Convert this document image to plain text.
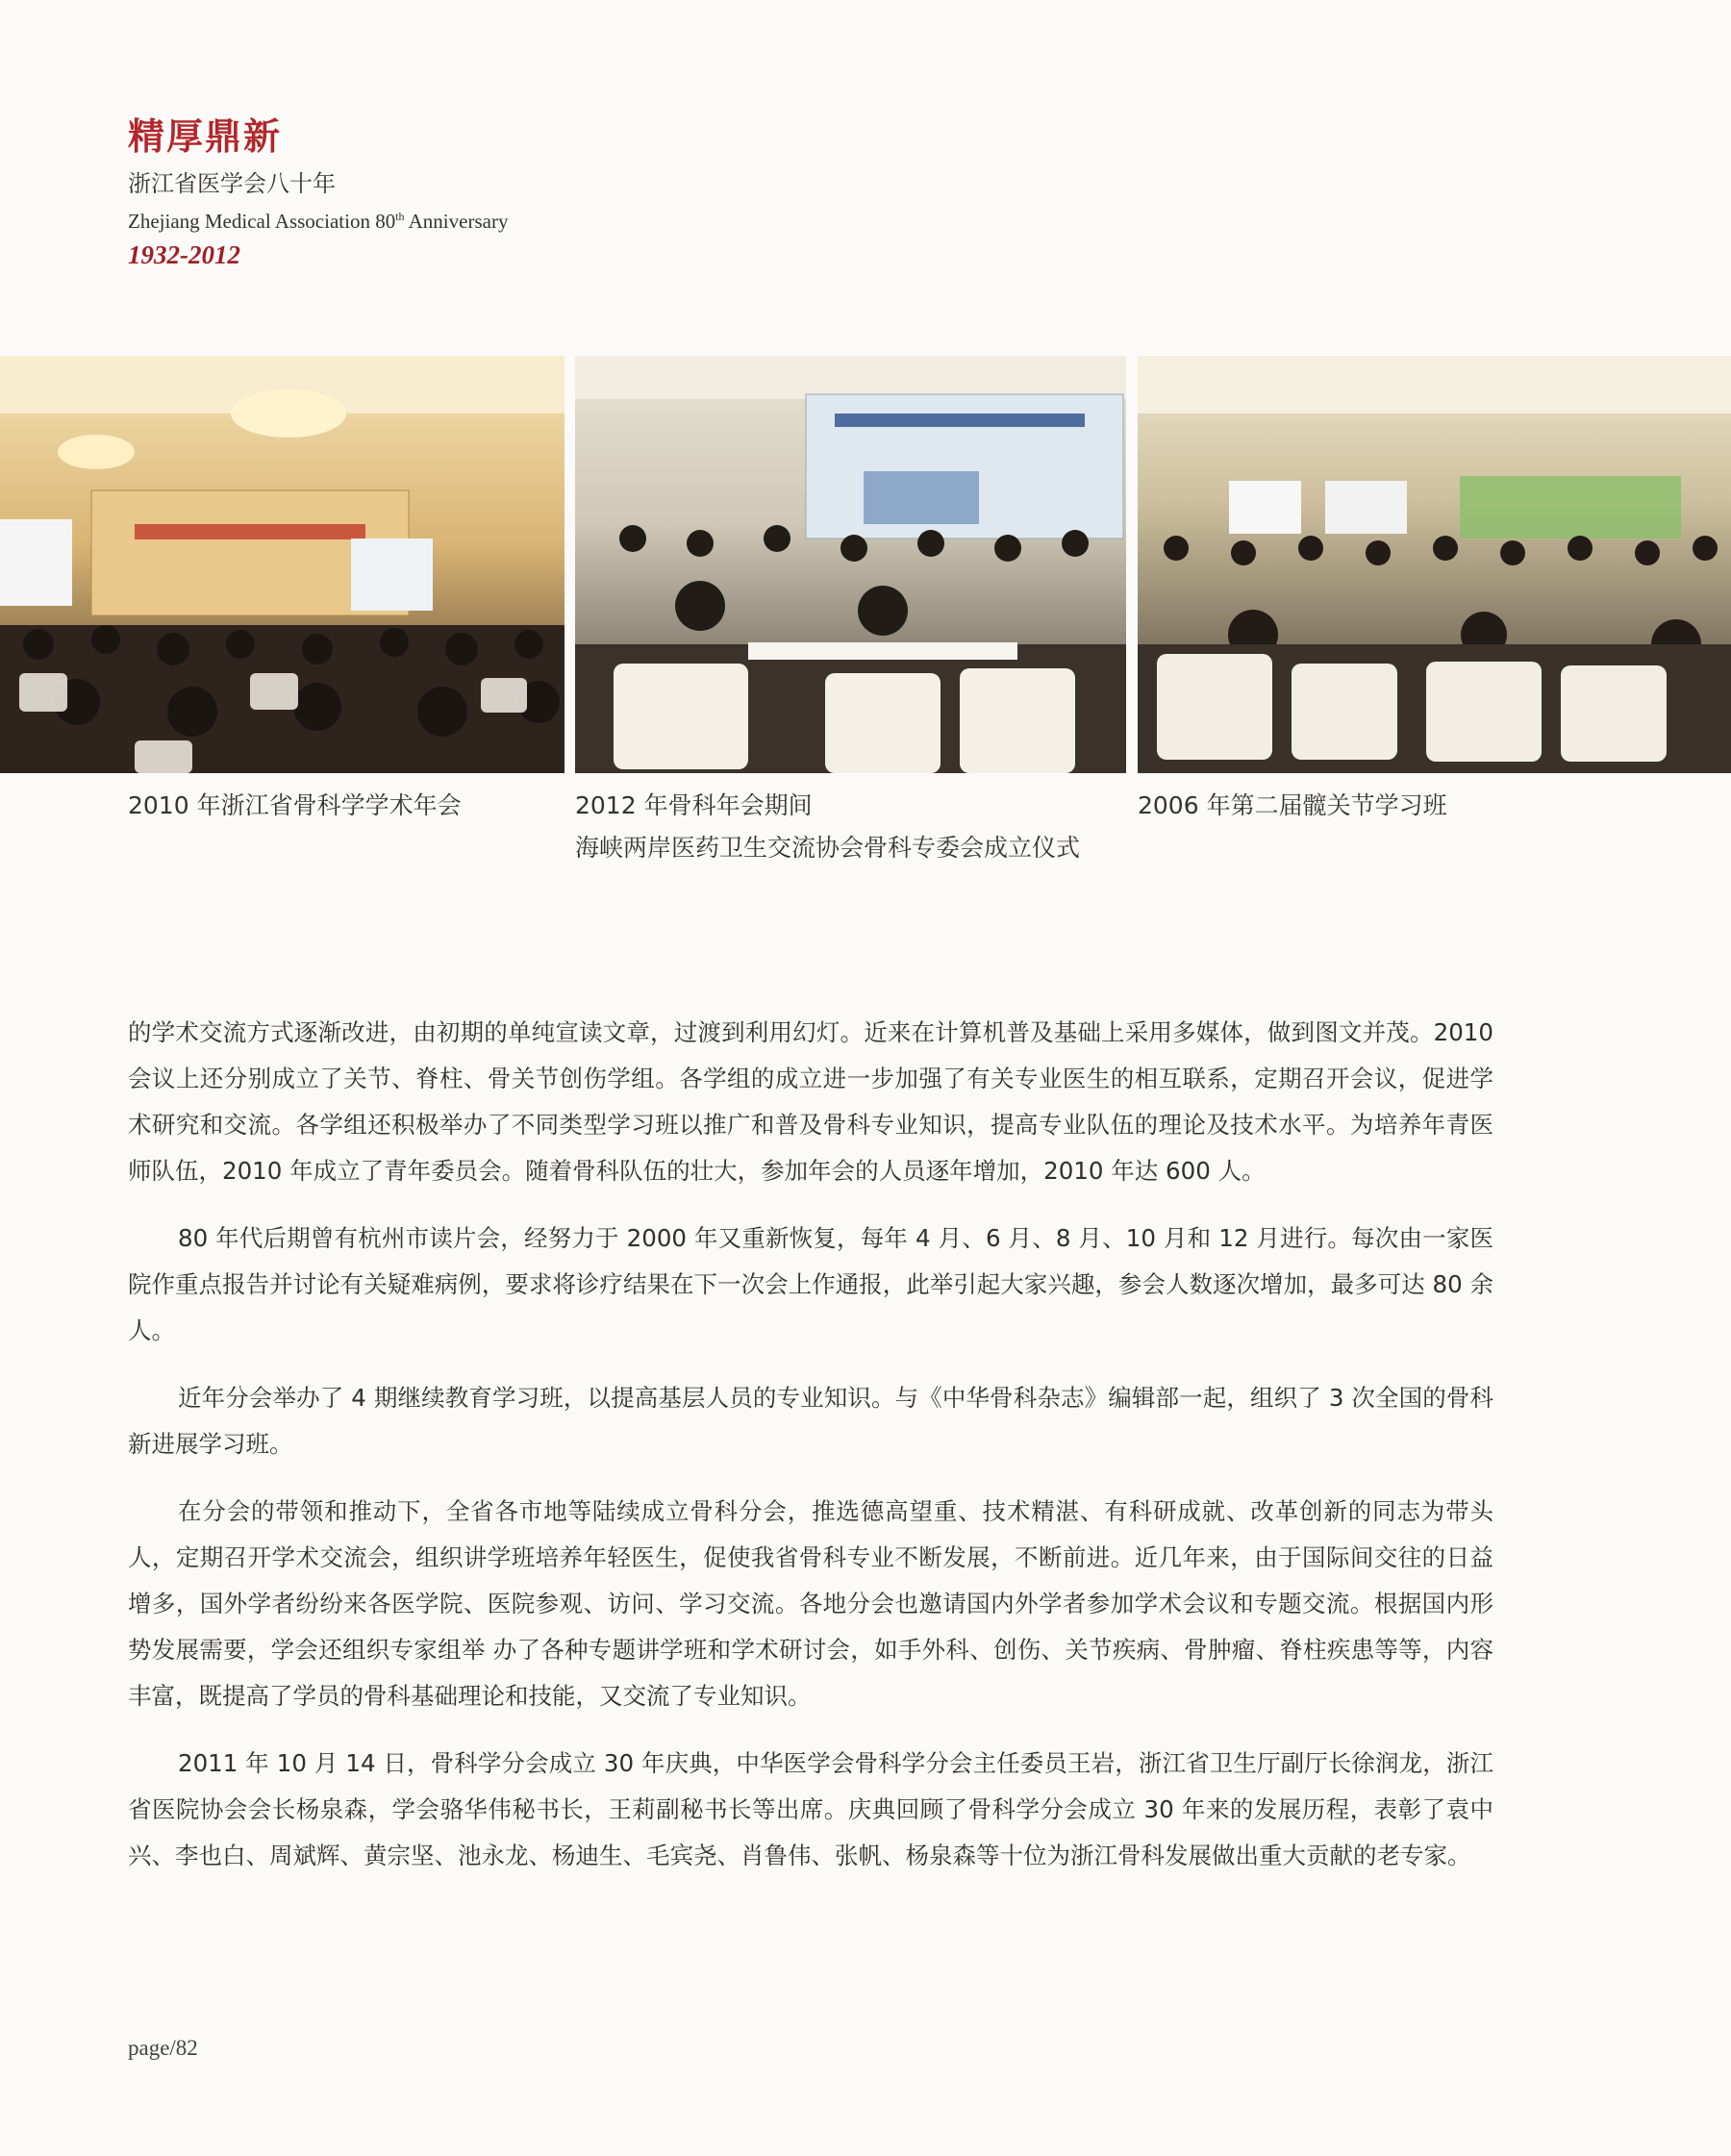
精厚鼎新
浙江省医学会八十年
Zhejiang Medical Association 80th Anniversary
1932-2012
2010 年浙江省骨科学学术年会	2012 年骨科年会期间
海峡两岸医药卫生交流协会骨科专委会成立仪式
2006 年第二届髋关节学习班

的学术交流方式逐渐改进，由初期的单纯宣读文章，过渡到利用幻灯。近来在计算机普及基础上采用多媒体，做到图文并茂。2010 会议上还分别成立了关节、脊柱、骨关节创伤学组。各学组的成立进一步加强了有关专业医生的相互联系，定期召开会议，促进学术研究和交流。各学组还积极举办了不同类型学习班以推广和普及骨科专业知识，提高专业队伍的理论及技术水平。为培养年青医师队伍，2010 年成立了青年委员会。随着骨科队伍的壮大，参加年会的人员逐年增加，2010 年达 600 人。

80 年代后期曾有杭州市读片会，经努力于 2000 年又重新恢复，每年 4 月、6 月、8 月、10 月和 12 月进行。每次由一家医院作重点报告并讨论有关疑难病例，要求将诊疗结果在下一次会上作通报，此举引起大家兴趣，参会人数逐次增加，最多可达 80 余人。

近年分会举办了 4 期继续教育学习班，以提高基层人员的专业知识。与《中华骨科杂志》编辑部一起，组织了 3 次全国的骨科新进展学习班。

在分会的带领和推动下，全省各市地等陆续成立骨科分会，推选德高望重、技术精湛、有科研成就、改革创新的同志为带头人，定期召开学术交流会，组织讲学班培养年轻医生，促使我省骨科专业不断发展，不断前进。近几年来，由于国际间交往的日益增多，国外学者纷纷来各医学院、医院参观、访问、学习交流。各地分会也邀请国内外学者参加学术会议和专题交流。根据国内形势发展需要，学会还组织专家组举 办了各种专题讲学班和学术研讨会，如手外科、创伤、关节疾病、骨肿瘤、脊柱疾患等等，内容丰富，既提高了学员的骨科基础理论和技能，又交流了专业知识。

2011 年 10 月 14 日，骨科学分会成立 30 年庆典，中华医学会骨科学分会主任委员王岩，浙江省卫生厅副厅长徐润龙，浙江省医院协会会长杨泉森，学会骆华伟秘书长，王莉副秘书长等出席。庆典回顾了骨科学分会成立 30 年来的发展历程，表彰了袁中兴、李也白、周斌辉、黄宗坚、池永龙、杨迪生、毛宾尧、肖鲁伟、张帆、杨泉森等十位为浙江骨科发展做出重大贡献的老专家。

page/82
